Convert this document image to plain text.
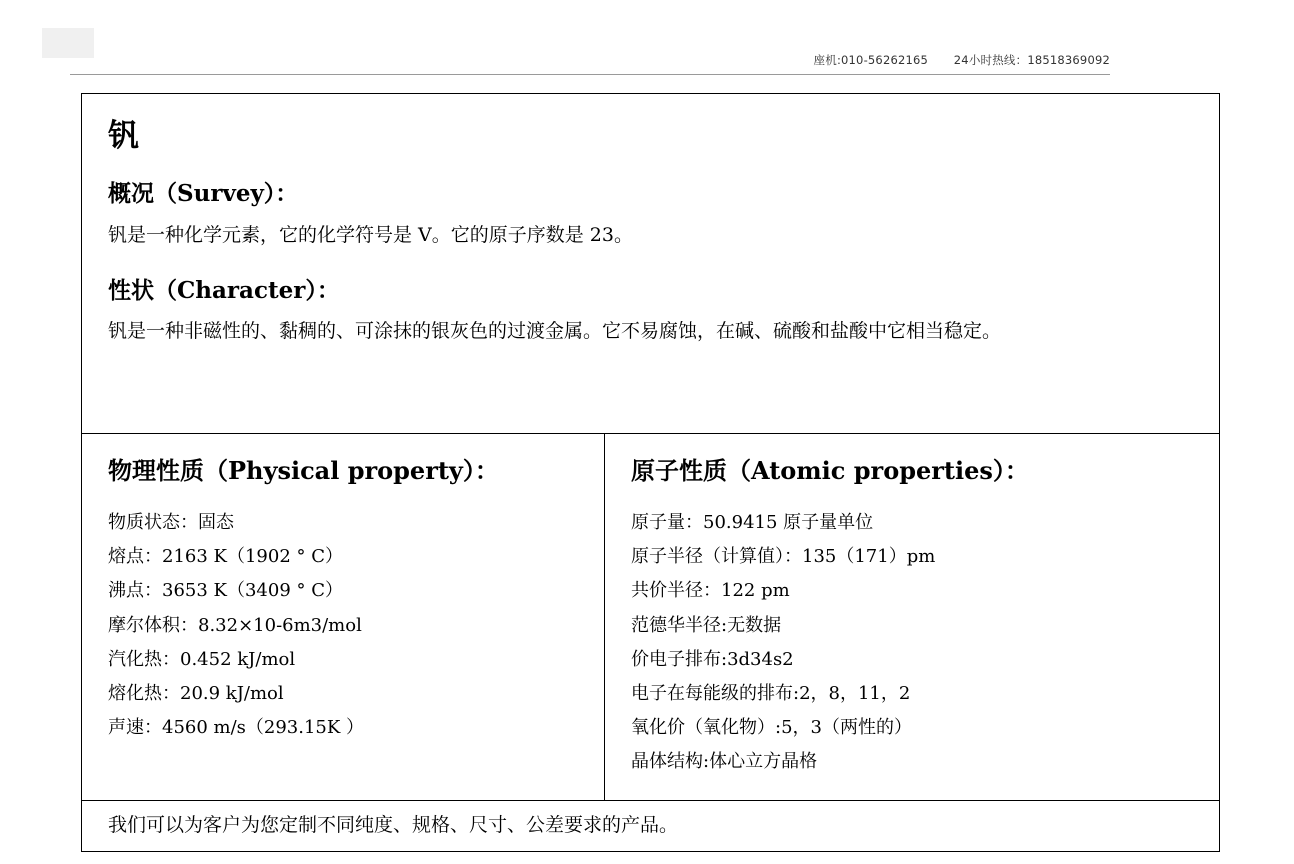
座机:010-56262165 24小时热线：18518369092
钒
概况（Survey）：

钒是一种化学元素，它的化学符号是 V。它的原子序数是 23。

性状（Character）：

钒是一种非磁性的、黏稠的、可涂抹的银灰色的过渡金属。它不易腐蚀，在碱、硫酸和盐酸中它相当稳定。

物理性质（Physical property）：
物质状态：固态
熔点：2163 K（1902 ° C）
沸点：3653 K（3409 ° C）
摩尔体积：8.32×10-6m3/mol
汽化热：0.452 kJ/mol
熔化热：20.9 kJ/mol
声速：4560 m/s（293.15K ）
原子性质（Atomic properties）：
原子量：50.9415 原子量单位
原子半径（计算值）：135（171）pm
共价半径：122 pm
范德华半径:无数据
价电子排布:3d34s2
电子在每能级的排布:2，8，11，2
氧化价（氧化物）:5，3（两性的）
晶体结构:体心立方晶格
我们可以为客户为您定制不同纯度、规格、尺寸、公差要求的产品。
